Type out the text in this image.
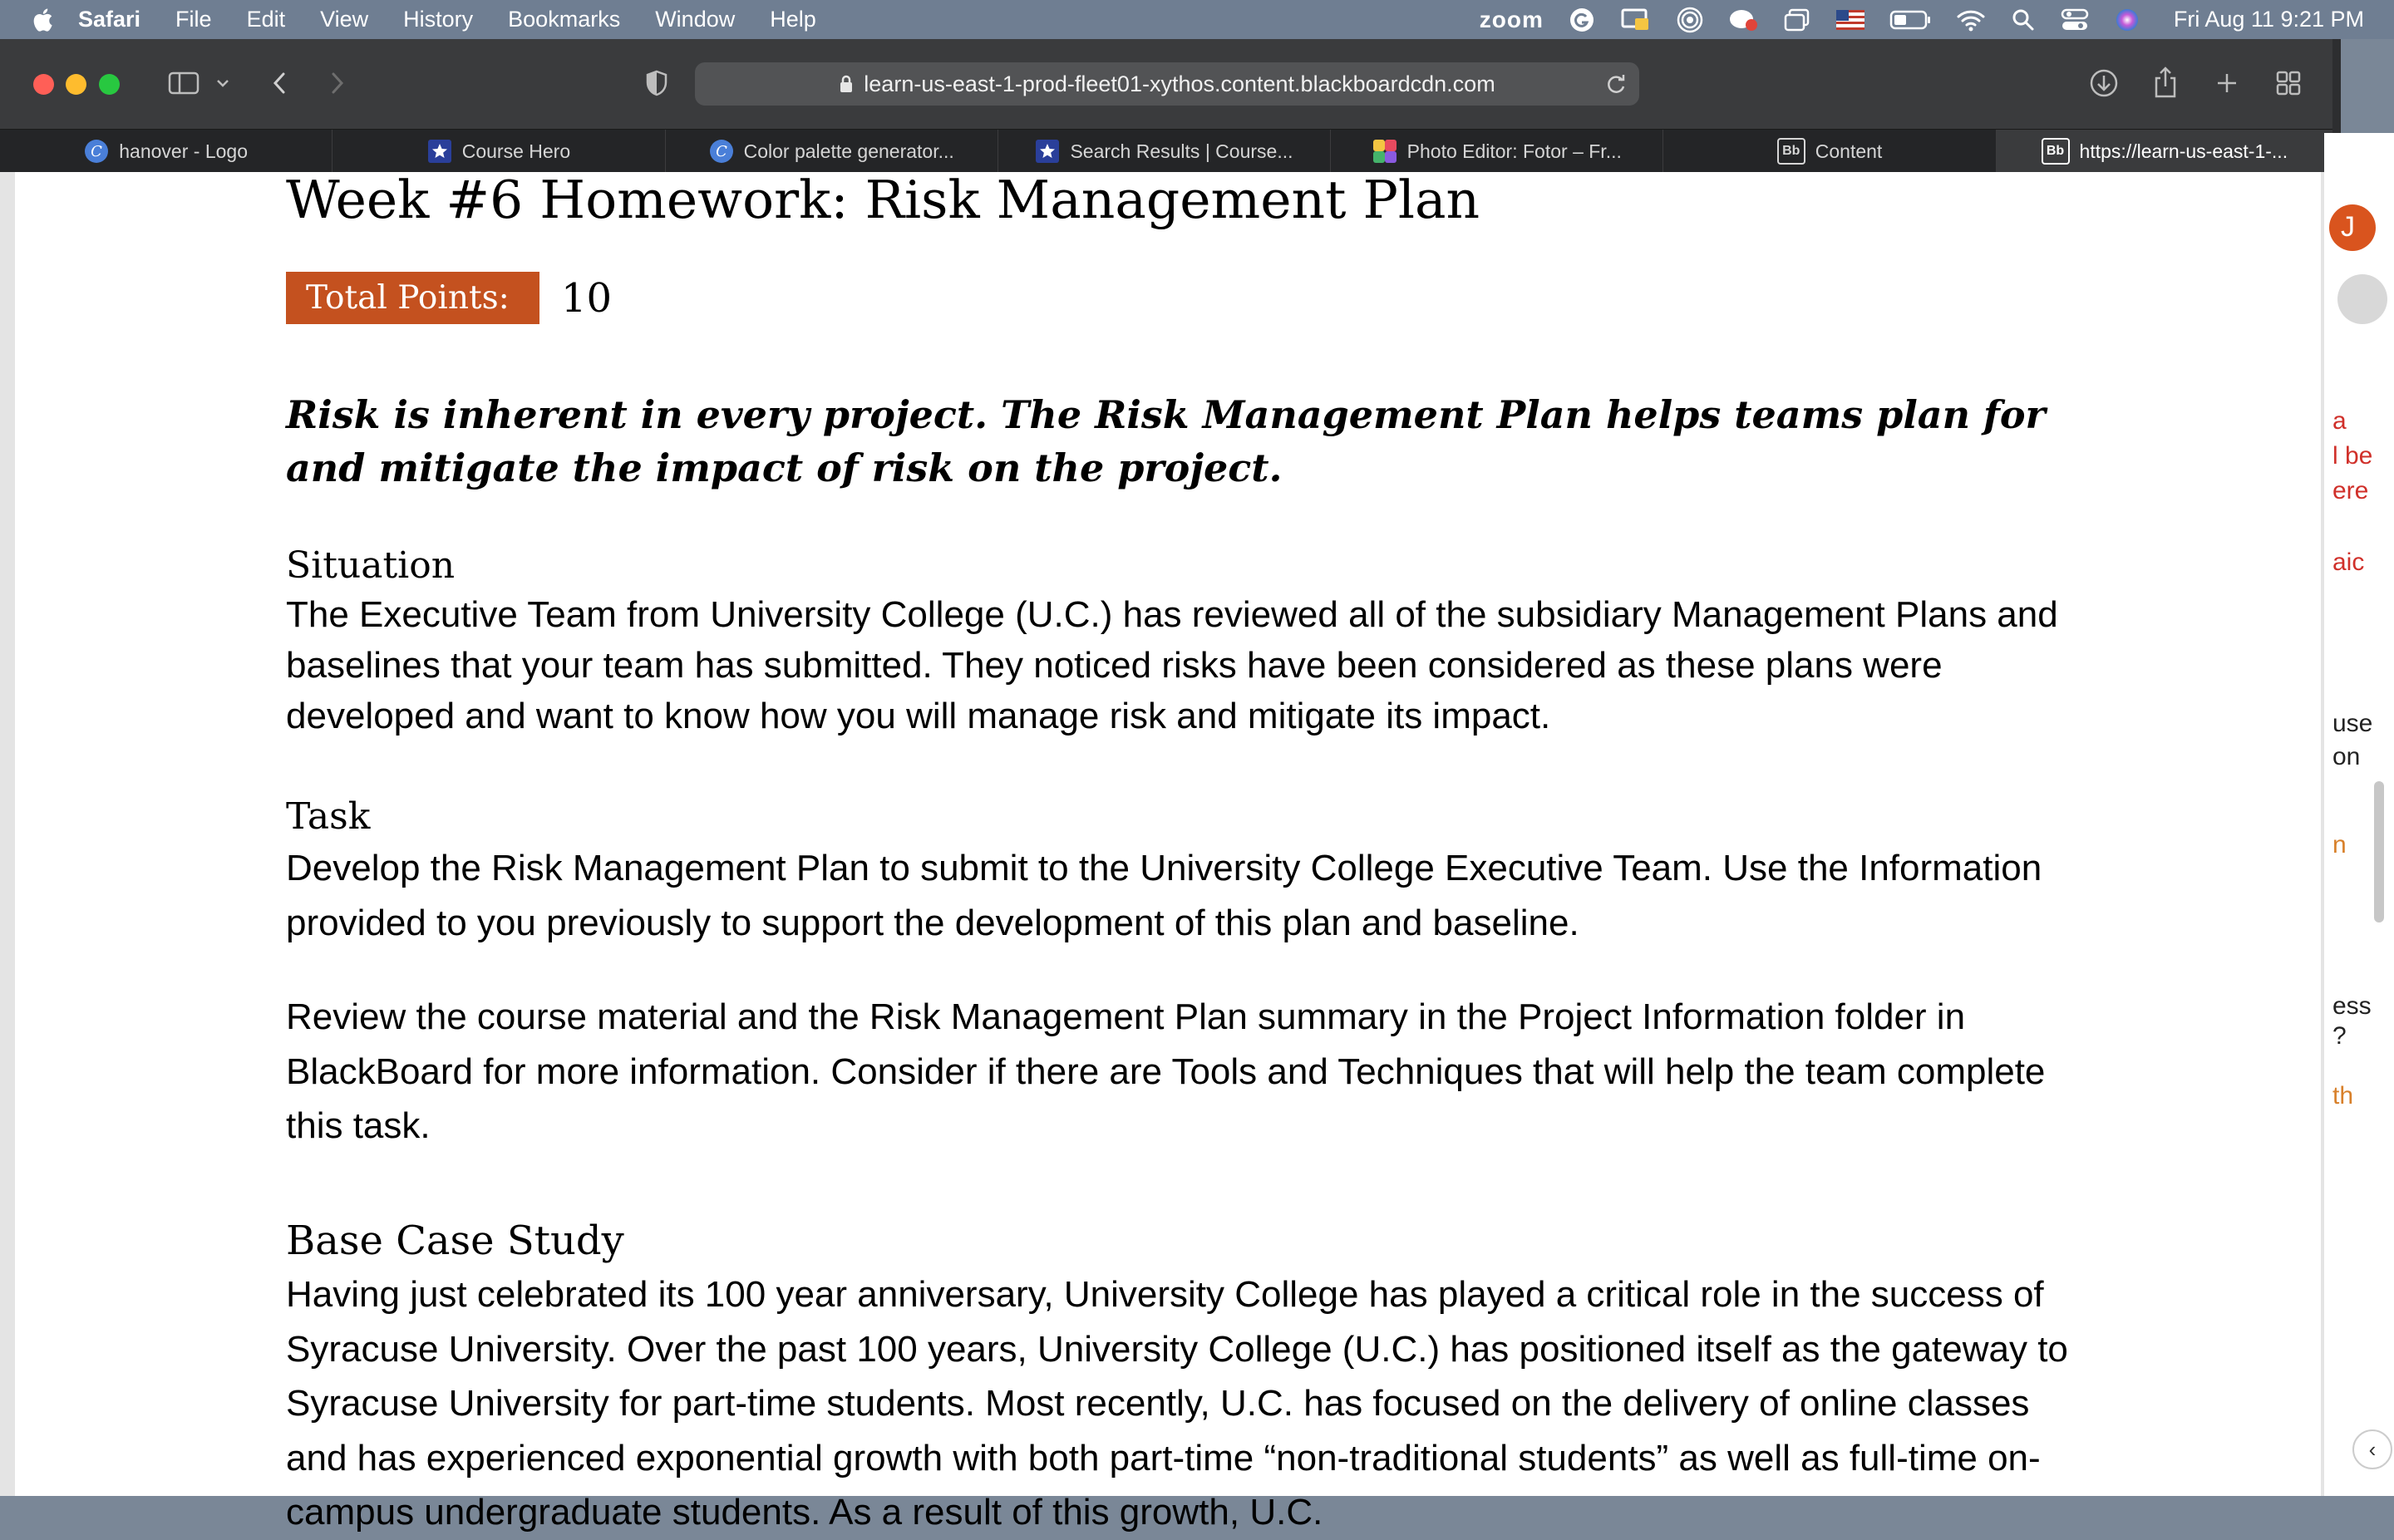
Safari File Edit View History Bookmarks Window Help	zoom	Fri Aug 11 9:21 PM
learn-us-east-1-prod-fleet01-xythos.content.blackboardcdn.com
C hanover - Logo	Course Hero	C Color palette generator...	Search Results | Course...	Photo Editor: Fotor – Fr...	Bb Content	Bb https://learn-us-east-1-...
Week #6 Homework: Risk Management Plan
Total Points:	10

Risk is inherent in every project. The Risk Management Plan helps teams plan for and mitigate the impact of risk on the project.

Situation

The Executive Team from University College (U.C.) has reviewed all of the subsidiary Management Plans and baselines that your team has submitted. They noticed risks have been considered as these plans were developed and want to know how you will manage risk and mitigate its impact.

Task

Develop the Risk Management Plan to submit to the University College Executive Team. Use the Information provided to you previously to support the development of this plan and baseline.

Review the course material and the Risk Management Plan summary in the Project Information folder in BlackBoard for more information. Consider if there are Tools and Techniques that will help the team complete this task.

Base Case Study

Having just celebrated its 100 year anniversary, University College has played a critical role in the success of Syracuse University. Over the past 100 years, University College (U.C.) has positioned itself as the gateway to Syracuse University for part-time students. Most recently, U.C. has focused on the delivery of online classes and has experienced exponential growth with both part-time “non-traditional students” as well as full-time on-campus undergraduate students. As a result of this growth, U.C.

J
a
l be
ere
aic
use
on
n
ess
?
th
‹
